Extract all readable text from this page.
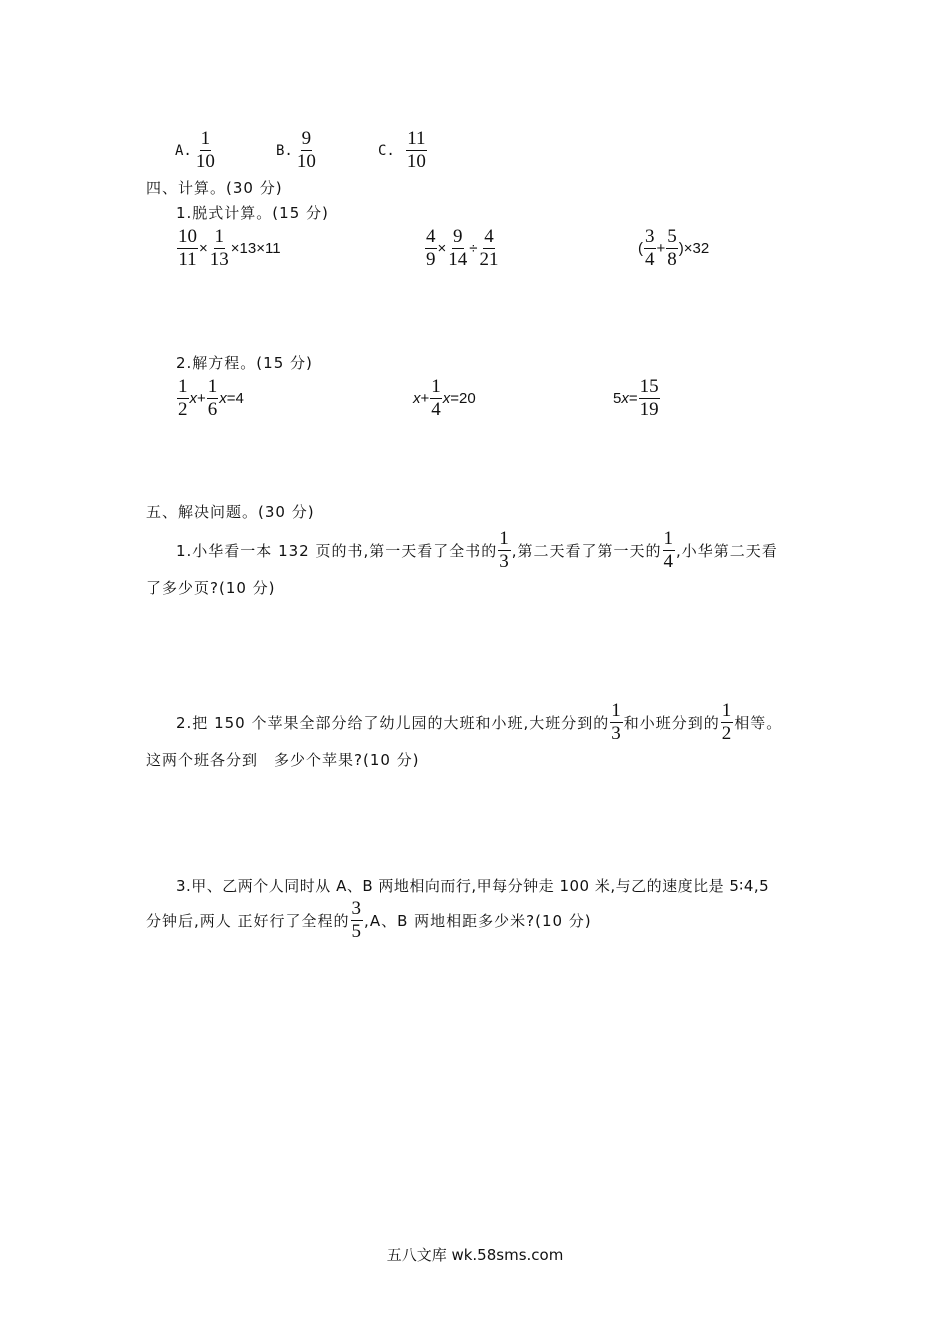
A. $\frac{1}{10}$	B. $\frac{9}{10}$	C. $\frac{11}{10}$
四、计算。(30 分)
1.脱式计算。(15 分)
$\frac{10}{11} \times \frac{1}{13} \times 13\times 11$	$\frac{4}{9} \times \frac{9}{14} \div \frac{4}{21}$	( $\frac{3}{4} + \frac{5}{8} )\times 32$
2.解方程。(15 分)
$\frac{1}{2}$ $x + \frac{1}{6}$ x =4	$x + \frac{1}{4}$ x =20	5 $x = \frac{15}{19}$
五、解决问题。(30 分)
1.小华看一本 132 页的书,第一天看了全书的 $\frac{1}{3}$ ,第二天看了第一天的 $\frac{1}{4}$ ,小华第二天看
了多少页?(10 分)
2.把 150 个苹果全部分给了幼儿园的大班和小班,大班分到的 $\frac{1}{3}$ 和小班分到的 $\frac{1}{2}$ 相等。
这两个班各分到　多少个苹果?(10 分)
3.甲、乙两个人同时从 A、B 两地相向而行,甲每分钟走 100 米,与乙的速度比是 5∶4,5
分钟后,两人 正好行了全程的 $\frac{3}{5} ,A$、B 两地相距多少米?(10 分)
五八文库 wk.58sms.com
